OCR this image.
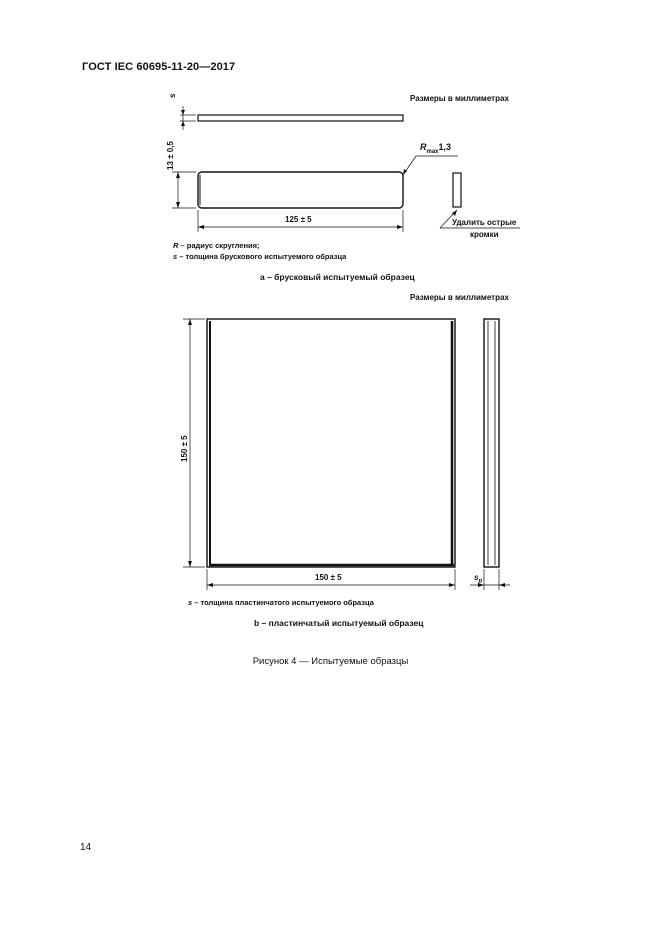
ГОСТ IEC 60695-11-20—2017
Размеры в миллиметрах
s
13 ± 0,5
125 ± 5
$R_{max}1,3$
Удалить острые
кромки
R – радиус скругления;
s – толщина брускового испытуемого образца
а – брусковый испытуемый образец
Размеры в миллиметрах
150 ± 5
150 ± 5	$s_p$
s – толщина пластинчатого испытуемого образца
b – пластинчатый испытуемый образец
Рисунок 4 — Испытуемые образцы
14
